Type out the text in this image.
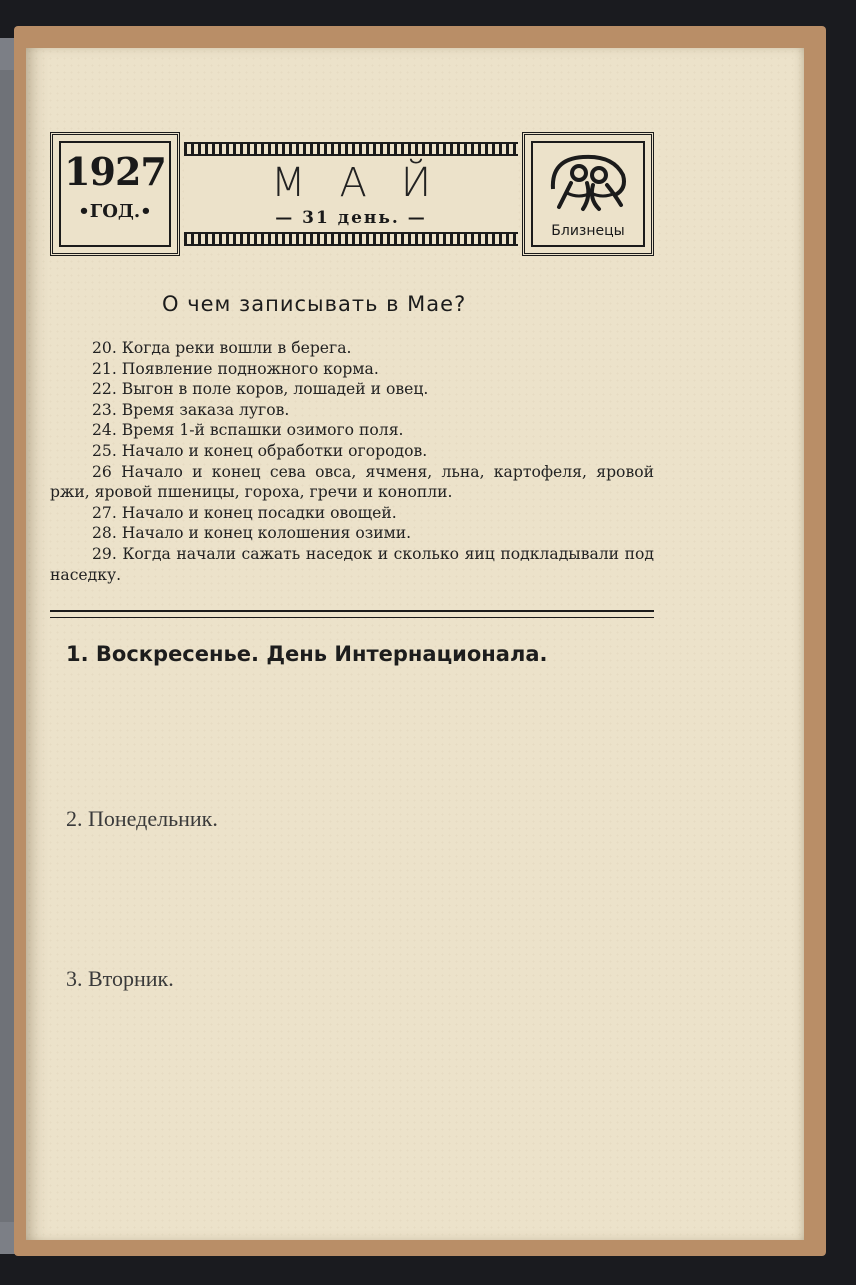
1927
•ГОД.•
МАЙ
— 31 день. —
Близнецы
О чем записывать в Мае?
20. Когда реки вошли в берега.
21. Появление подножного корма.
22. Выгон в поле коров, лошадей и овец.
23. Время заказа лугов.
24. Время 1-й вспашки озимого поля.
25. Начало и конец обработки огородов.
26 Начало и конец сева овса, ячменя, льна, картофеля, яровой ржи, яровой пшеницы, гороха, гречи и конопли.
27. Начало и конец посадки овощей.
28. Начало и конец колошения озими.
29. Когда начали сажать наседок и сколько яиц подкладывали под наседку.
1. Воскресенье. День Интернационала.
2. Понедельник.
3. Вторник.
